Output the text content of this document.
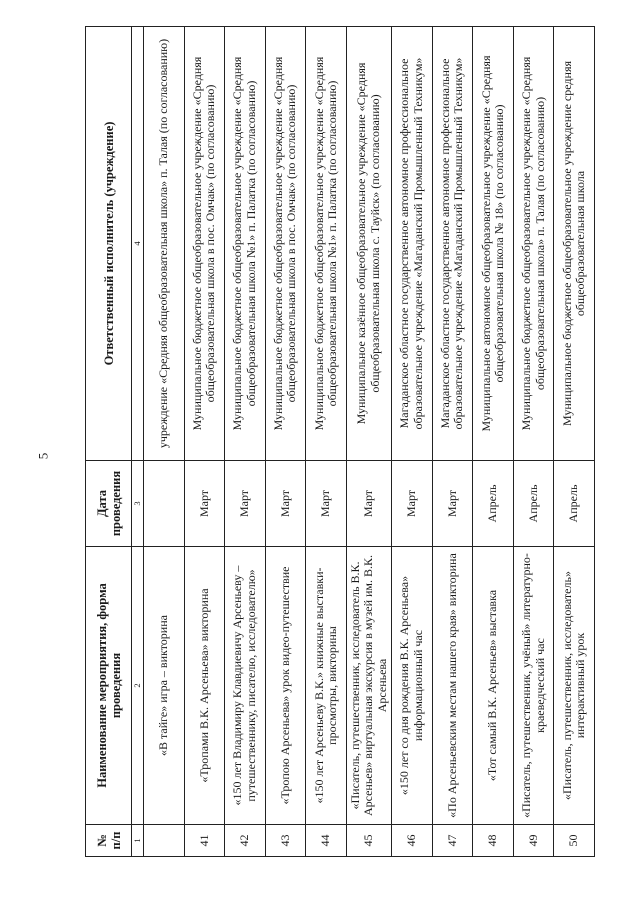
5
№ п/п	Наименование мероприятия, форма проведения	Дата проведения	Ответственный исполнитель (учреждение)
1	2	3	4
	«В тайге» игра – викторина		учреждение «Средняя общеобразовательная школа» п. Талая (по согласованию)
41	«Тропами В.К. Арсеньева» викторина	Март	Муниципальное бюджетное общеобразовательное учреждение «Средняя общеобразовательная школа в пос. Омчак» (по согласованию)
42	«150 лет Владимиру Клавдиевичу Арсеньеву – путешественнику, писателю, исследователю»	Март	Муниципальное бюджетное общеобразовательное учреждение «Средняя общеобразовательная школа №1» п. Палатка (по согласованию)
43	«Тропою Арсеньева» урок видео-путешествие	Март	Муниципальное бюджетное общеобразовательное учреждение «Средняя общеобразовательная школа в пос. Омчак» (по согласованию)
44	«150 лет Арсеньеву В.К.» книжные выставки-просмотры, викторины	Март	Муниципальное бюджетное общеобразовательное учреждение «Средняя общеобразовательная школа №1» п. Палатка (по согласованию)
45	«Писатель, путешественник, исследователь В.К. Арсеньев» виртуальная экскурсия в музей им. В.К. Арсеньева	Март	Муниципальное казённое общеобразовательное учреждение «Средняя общеобразовательная школа с. Тауйск» (по согласованию)
46	«150 лет со дня рождения В.К. Арсеньева» информационный час	Март	Магаданское областное государственное автономное профессиональное образовательное учреждение «Магаданский Промышленный Техникум»
47	«По Арсеньевским местам нашего края» викторина	Март	Магаданское областное государственное автономное профессиональное образовательное учреждение «Магаданский Промышленный Техникум»
48	«Тот самый В.К. Арсеньев» выставка	Апрель	Муниципальное автономное общеобразовательное учреждение «Средняя общеобразовательная школа № 18» (по согласованию)
49	«Писатель, путешественник, учёный» литературно-краеведческий час	Апрель	Муниципальное бюджетное общеобразовательное учреждение «Средняя общеобразовательная школа» п. Талая (по согласованию)
50	«Писатель, путешественник, исследователь» интерактивный урок	Апрель	Муниципальное бюджетное общеобразовательное учреждение средняя общеобразовательная школа
